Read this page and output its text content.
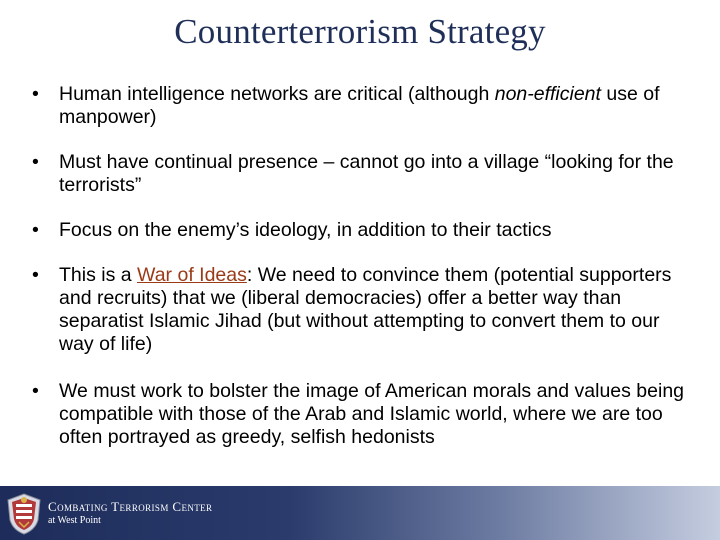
Counterterrorism Strategy
• Human intelligence networks are critical (although non-efficient use of manpower)
• Must have continual presence – cannot go into a village “looking for the terrorists”
• Focus on the enemy’s ideology, in addition to their tactics
• This is a War of Ideas: We need to convince them (potential supporters and recruits) that we (liberal democracies) offer a better way than separatist Islamic Jihad (but without attempting to convert them to our way of life)
• We must work to bolster the image of American morals and values being compatible with those of the Arab and Islamic world, where we are too often portrayed as greedy, selfish hedonists
Combating Terrorism Center
at West Point
